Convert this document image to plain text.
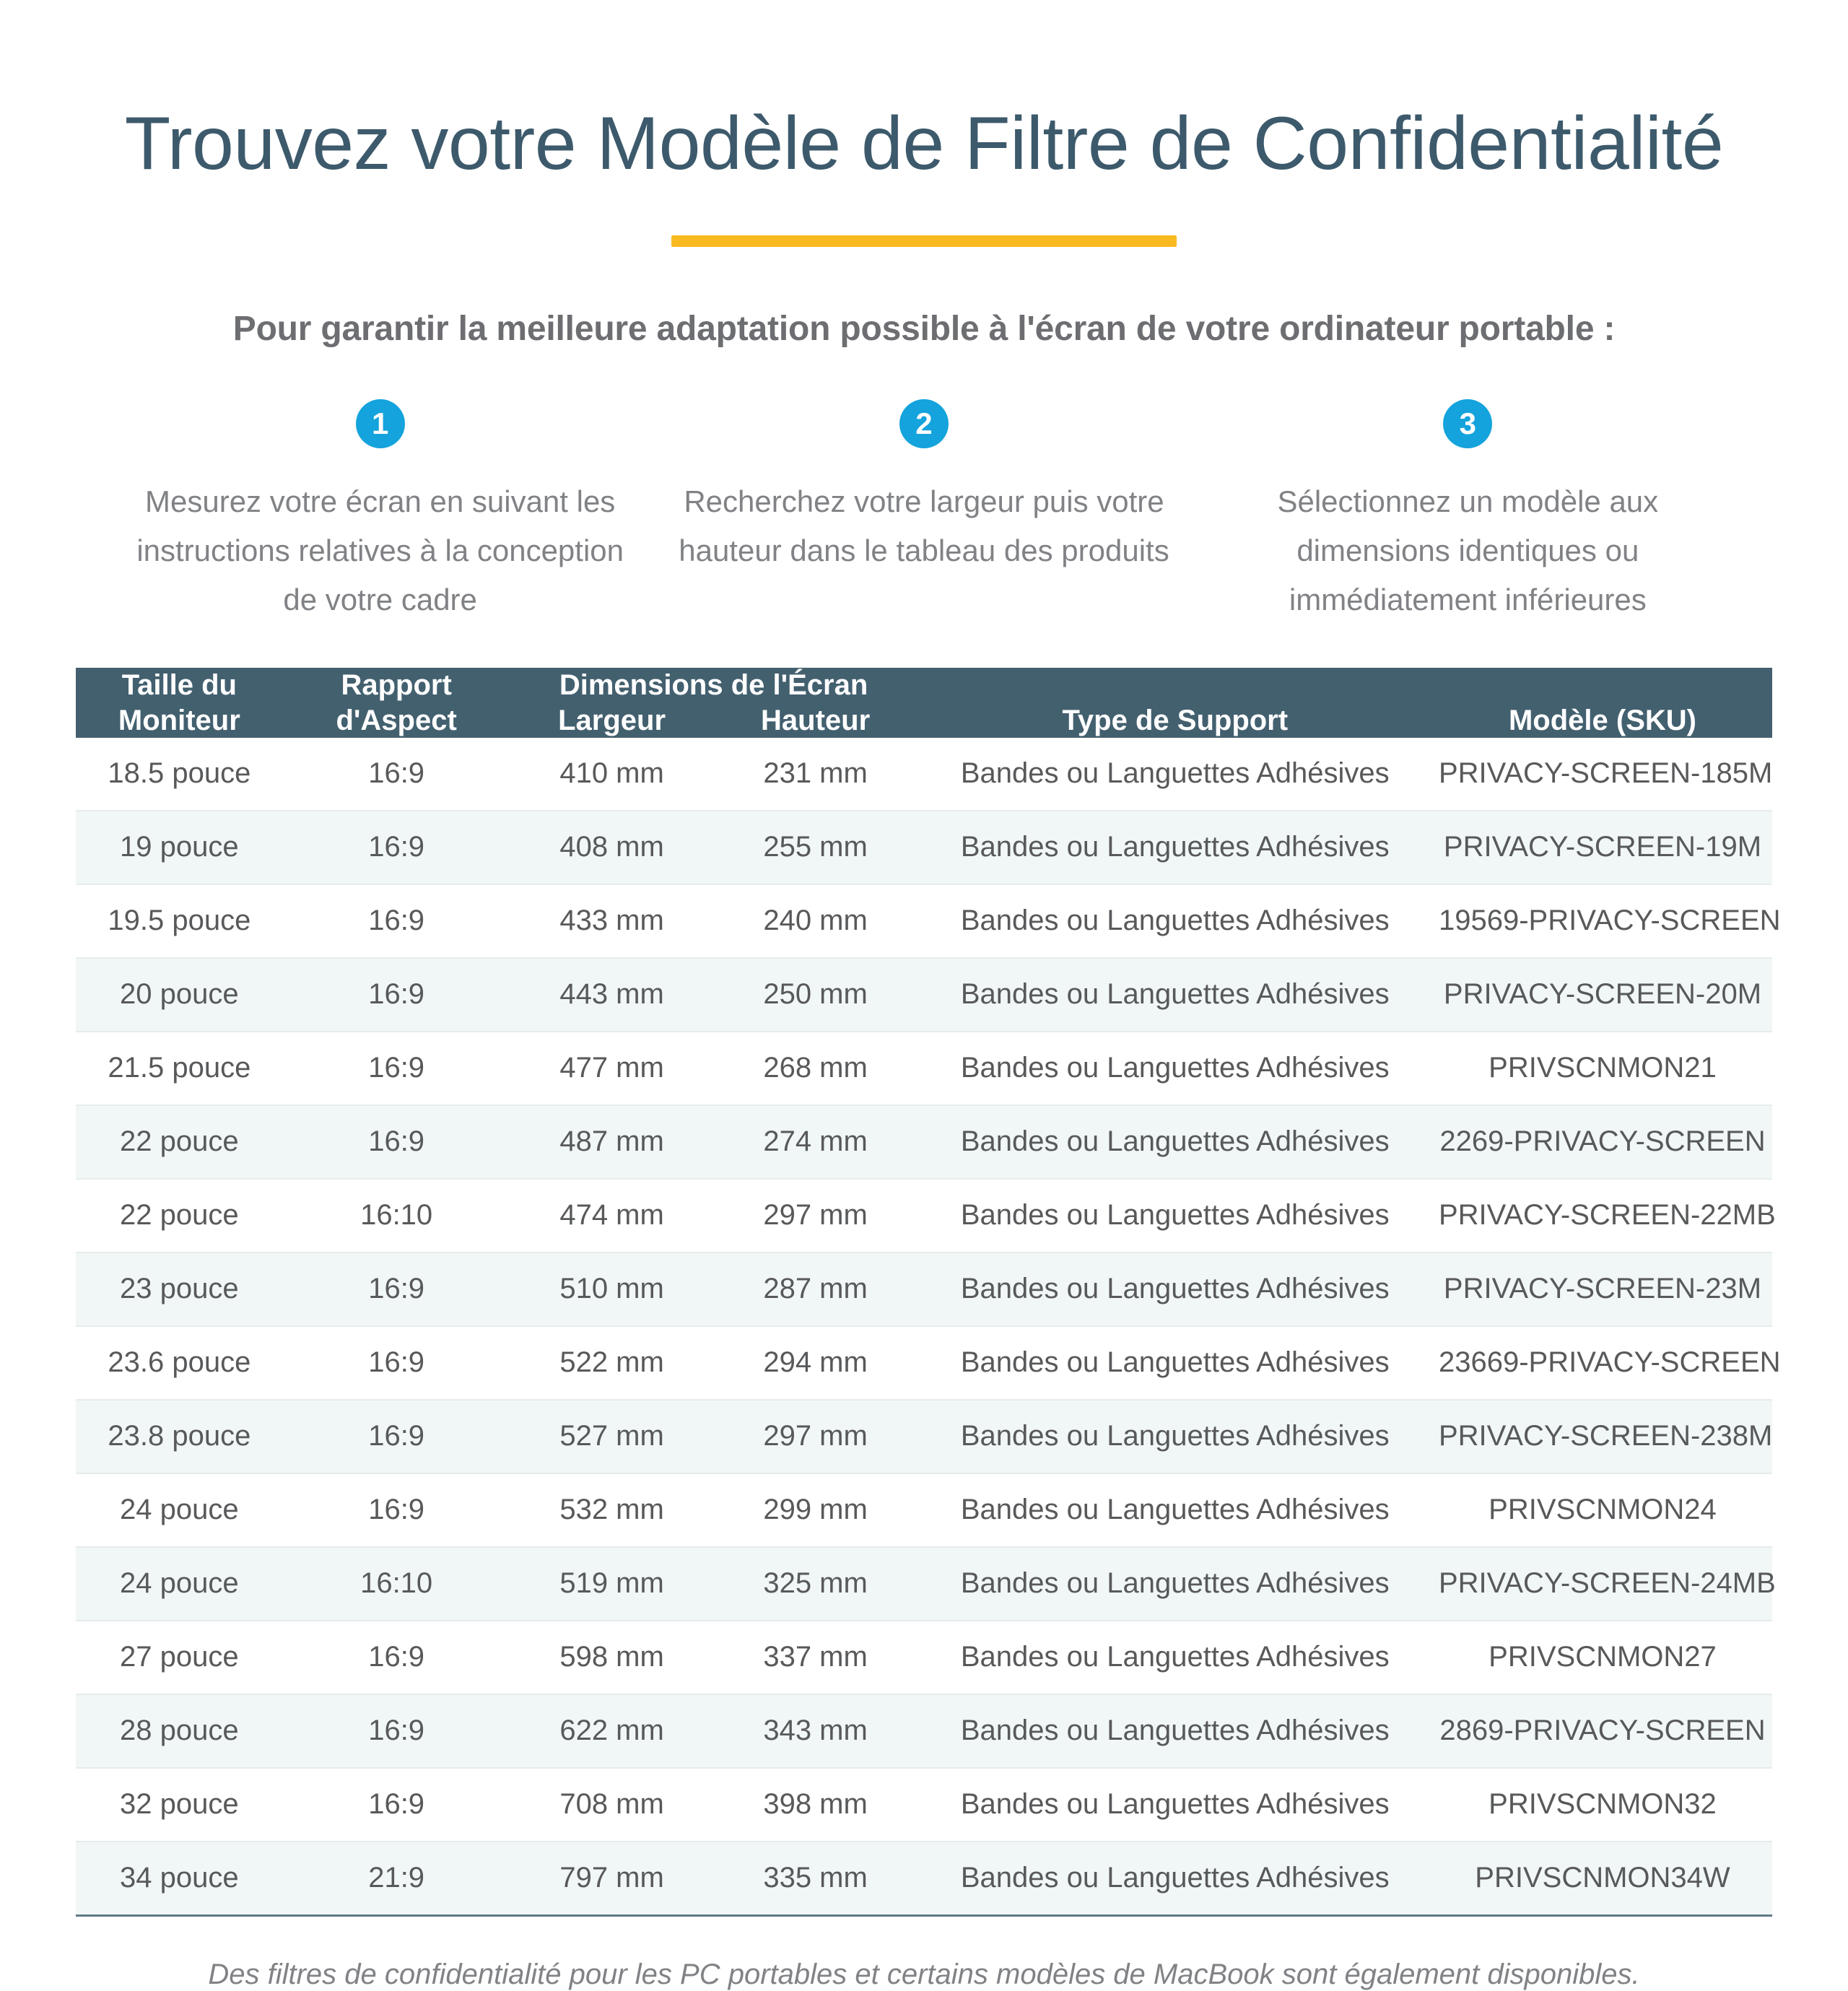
Trouvez votre Modèle de Filtre de Confidentialité
Pour garantir la meilleure adaptation possible à l'écran de votre ordinateur portable :
1
Mesurez votre écran en suivant les instructions relatives à la conception de votre cadre
2
Recherchez votre largeur puis votre hauteur dans le tableau des produits
3
Sélectionnez un modèle aux dimensions identiques ou immédiatement inférieures
Taille du Moniteur	Rapport d'Aspect	Dimensions de l'Écran		Type de Support	Modèle (SKU)
		Largeur	Hauteur		
18.5 pouce	16:9	410 mm	231 mm	Bandes ou Languettes Adhésives	PRIVACY-SCREEN-185M
19 pouce	16:9	408 mm	255 mm	Bandes ou Languettes Adhésives	PRIVACY-SCREEN-19M
19.5 pouce	16:9	433 mm	240 mm	Bandes ou Languettes Adhésives	19569-PRIVACY-SCREEN
20 pouce	16:9	443 mm	250 mm	Bandes ou Languettes Adhésives	PRIVACY-SCREEN-20M
21.5 pouce	16:9	477 mm	268 mm	Bandes ou Languettes Adhésives	PRIVSCNMON21
22 pouce	16:9	487 mm	274 mm	Bandes ou Languettes Adhésives	2269-PRIVACY-SCREEN
22 pouce	16:10	474 mm	297 mm	Bandes ou Languettes Adhésives	PRIVACY-SCREEN-22MB
23 pouce	16:9	510 mm	287 mm	Bandes ou Languettes Adhésives	PRIVACY-SCREEN-23M
23.6 pouce	16:9	522 mm	294 mm	Bandes ou Languettes Adhésives	23669-PRIVACY-SCREEN
23.8 pouce	16:9	527 mm	297 mm	Bandes ou Languettes Adhésives	PRIVACY-SCREEN-238M
24 pouce	16:9	532 mm	299 mm	Bandes ou Languettes Adhésives	PRIVSCNMON24
24 pouce	16:10	519 mm	325 mm	Bandes ou Languettes Adhésives	PRIVACY-SCREEN-24MB
27 pouce	16:9	598 mm	337 mm	Bandes ou Languettes Adhésives	PRIVSCNMON27
28 pouce	16:9	622 mm	343 mm	Bandes ou Languettes Adhésives	2869-PRIVACY-SCREEN
32 pouce	16:9	708 mm	398 mm	Bandes ou Languettes Adhésives	PRIVSCNMON32
34 pouce	21:9	797 mm	335 mm	Bandes ou Languettes Adhésives	PRIVSCNMON34W
Des filtres de confidentialité pour les PC portables et certains modèles de MacBook sont également disponibles.
